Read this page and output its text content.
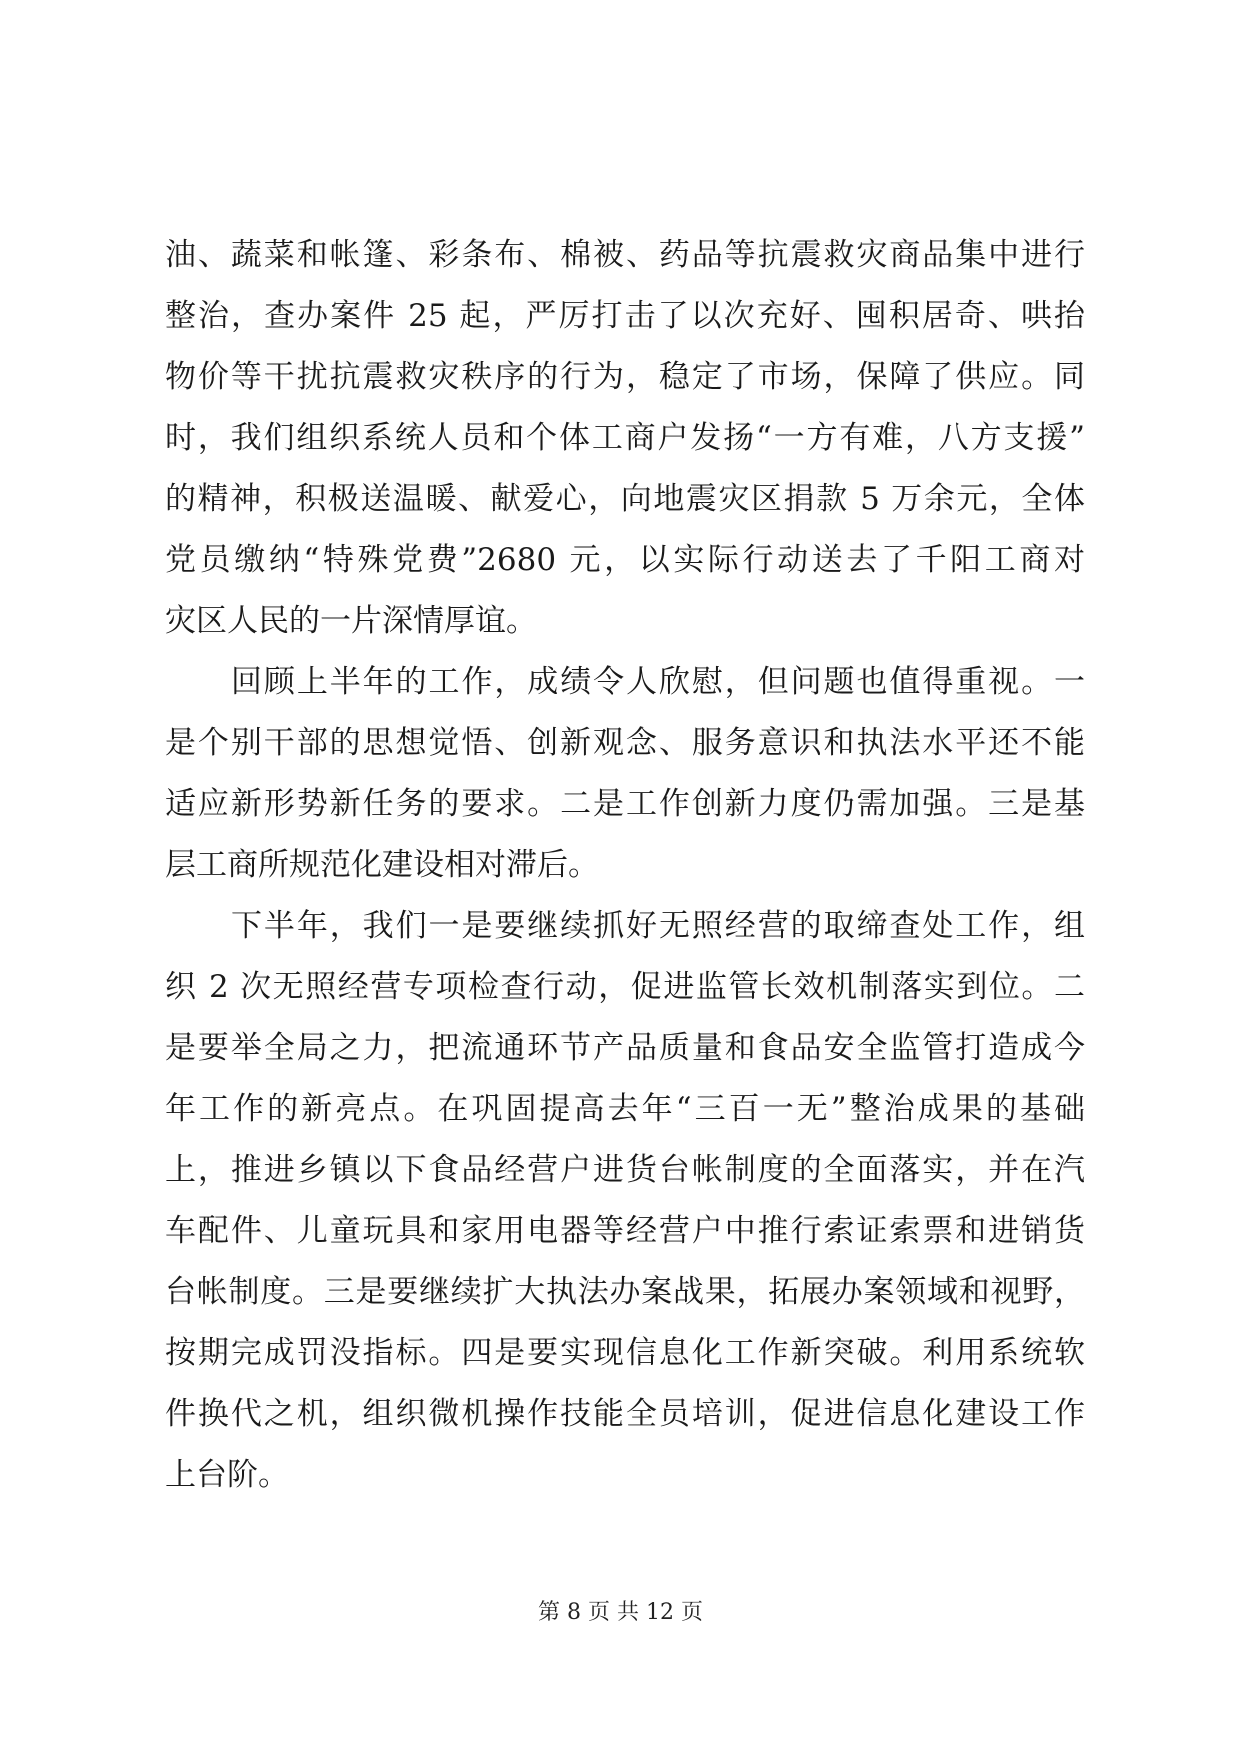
油、蔬菜和帐篷、彩条布、棉被、药品等抗震救灾商品集中进行
整治，查办案件 25 起，严厉打击了以次充好、囤积居奇、哄抬
物价等干扰抗震救灾秩序的行为，稳定了市场，保障了供应。同
时，我们组织系统人员和个体工商户发扬“一方有难，八方支援”
的精神，积极送温暖、献爱心，向地震灾区捐款 5 万余元，全体
党员缴纳“特殊党费”2680 元，以实际行动送去了千阳工商对
灾区人民的一片深情厚谊。
回顾上半年的工作，成绩令人欣慰，但问题也值得重视。一
是个别干部的思想觉悟、创新观念、服务意识和执法水平还不能
适应新形势新任务的要求。二是工作创新力度仍需加强。三是基
层工商所规范化建设相对滞后。
下半年，我们一是要继续抓好无照经营的取缔查处工作，组
织 2 次无照经营专项检查行动，促进监管长效机制落实到位。二
是要举全局之力，把流通环节产品质量和食品安全监管打造成今
年工作的新亮点。在巩固提高去年“三百一无”整治成果的基础
上，推进乡镇以下食品经营户进货台帐制度的全面落实，并在汽
车配件、儿童玩具和家用电器等经营户中推行索证索票和进销货
台帐制度。三是要继续扩大执法办案战果，拓展办案领域和视野，
按期完成罚没指标。四是要实现信息化工作新突破。利用系统软
件换代之机，组织微机操作技能全员培训，促进信息化建设工作
上台阶。
第 8 页 共 12 页
